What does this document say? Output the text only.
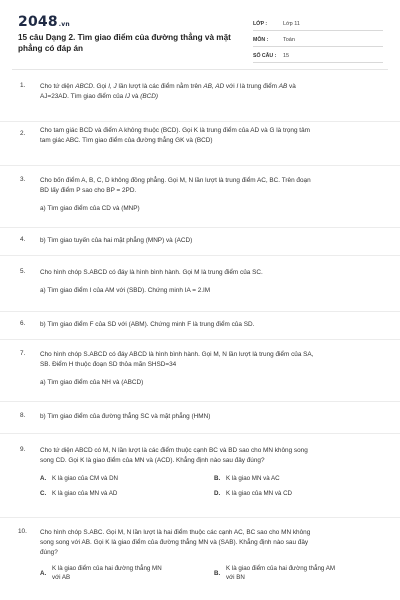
2048.vn
15 câu Dạng 2. Tìm giao điểm của đường thẳng và mặt
phẳng có đáp án
LỚP :	Lớp 11
MÔN :	Toán
SỐ CÂU :	15
1. Cho tứ diện ABCD. Gọi I, J lần lượt là các điểm nằm trên AB, AD với I là trung điểm AB và
AJ=23AD. Tìm giao điểm của IJ và (BCD)
2. Cho tam giác BCD và điểm A không thuộc (BCD). Gọi K là trung điểm của AD và G là trọng tâm
tam giác ABC. Tìm giao điểm của đường thẳng GK và (BCD)
3. Cho bốn điểm A, B, C, D không đồng phẳng. Gọi M, N lần lượt là trung điểm AC, BC. Trên đoạn
BD lấy điểm P sao cho BP = 2PD.
a) Tìm giao điểm của CD và (MNP)
4. b) Tìm giao tuyến của hai mặt phẳng (MNP) và (ACD)
5. Cho hình chóp S.ABCD có đáy là hình bình hành. Gọi M là trung điểm của SC.
a) Tìm giao điểm I của AM với (SBD). Chứng minh IA = 2.IM
6. b) Tìm giao điểm F của SD với (ABM). Chứng minh F là trung điểm của SD.
7. Cho hình chóp S.ABCD có đáy ABCD là hình bình hành. Gọi M, N lần lượt là trung điểm của SA,
SB. Điểm H thuộc đoạn SD thỏa mãn SHSD=34
a) Tìm giao điểm của NH và (ABCD)
8. b) Tìm giao điểm của đường thẳng SC và mặt phẳng (HMN)
9. Cho tứ diện ABCD có M, N lần lượt là các điểm thuộc cạnh BC và BD sao cho MN không song
song CD. Gọi K là giao điểm của MN và (ACD). Khẳng định nào sau đây đúng?
A. K là giao của CM và DN	B. K là giao MN và AC
C. K là giao của MN và AD	D. K là giao của MN và CD
10. Cho hình chóp S.ABC. Gọi M, N lần lượt là hai điểm thuộc các cạnh AC, BC sao cho MN không
song song với AB. Gọi K là giao điểm của đường thẳng MN và (SAB). Khẳng định nào sau đây
đúng?
A.
K là giao điểm của hai đường thẳng MN
với AB
B.
K là giao điểm của hai đường thẳng AM
với BN
